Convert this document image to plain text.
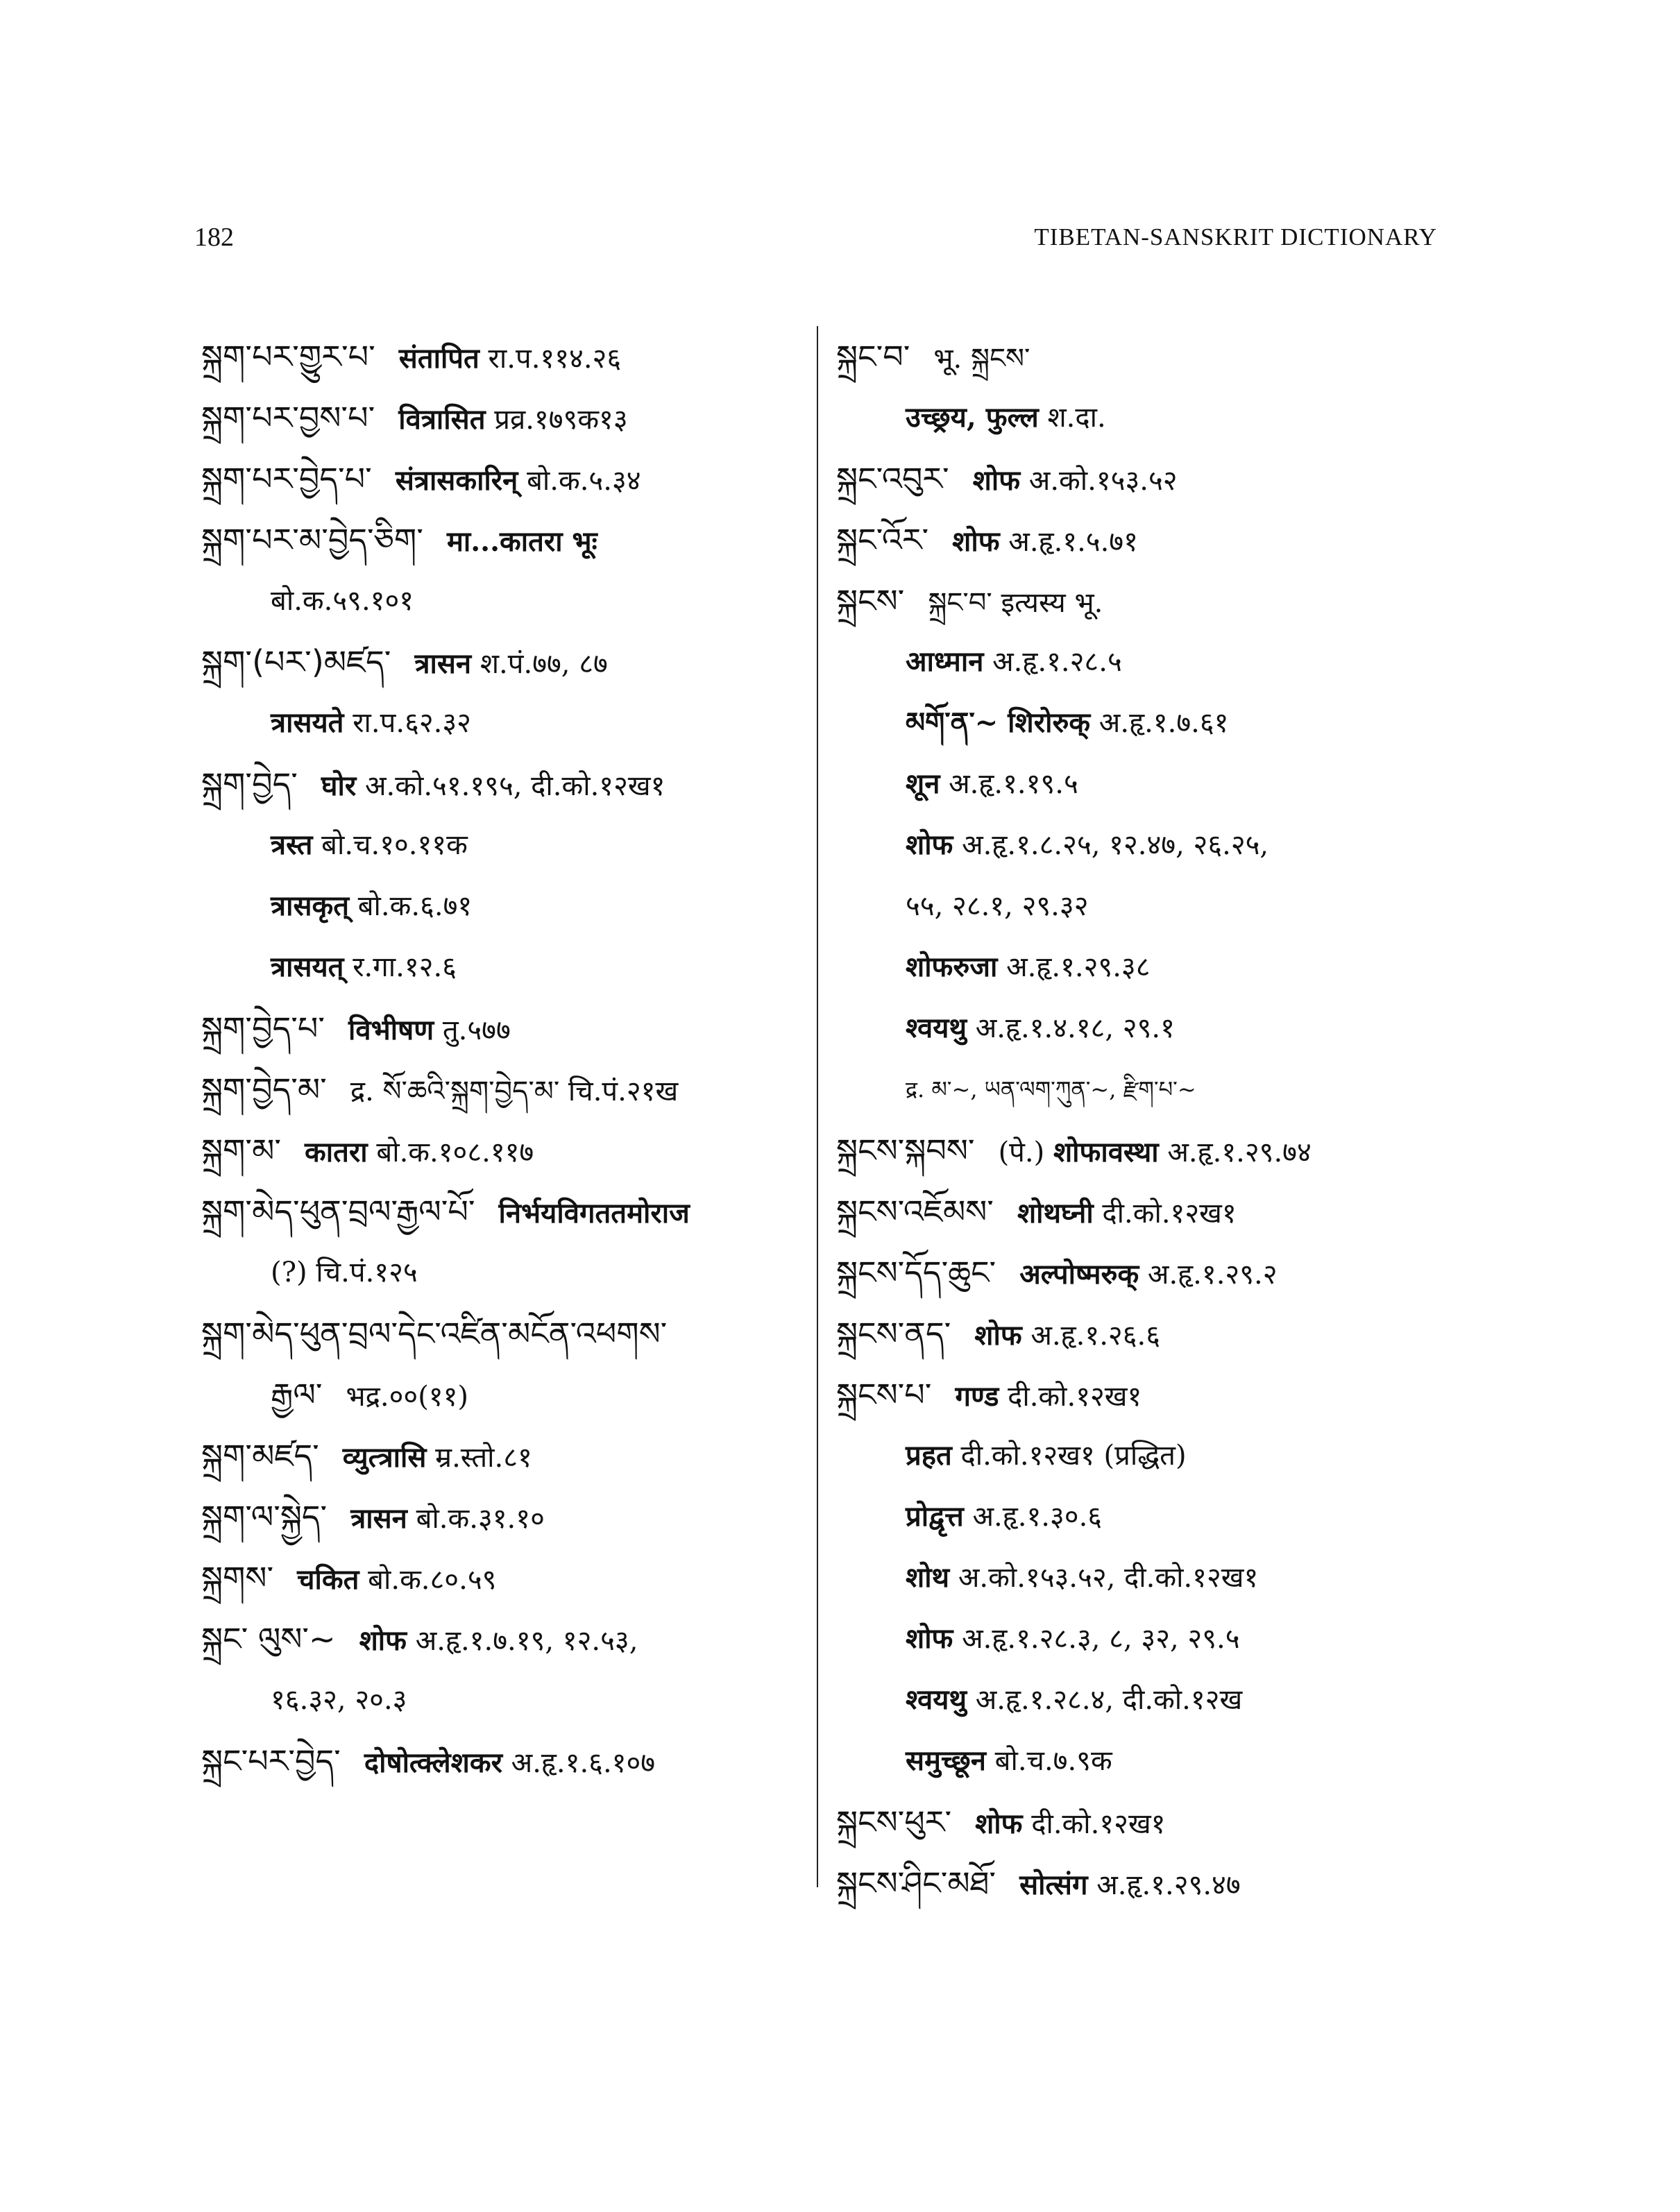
182	TIBETAN-SANSKRIT DICTIONARY
སྐྲག་པར་གྱུར་པ་ संतापित रा.प.११४.२६
སྐྲག་པར་བྱས་པ་ वित्रासित प्रव्र.१७९क१३
སྐྲག་པར་བྱེད་པ་ संत्रासकारिन् बो.क.५.३४
སྐྲག་པར་མ་བྱེད་ཅིག་ मा...कातरा भूः
बो.क.५९.१०१
སྐྲག་(པར་)མཛད་ त्रासन श.पं.७७, ८७
त्रासयते रा.प.६२.३२
སྐྲག་བྱེད་ घोर अ.को.५१.१९५, दी.को.१२ख१
त्रस्त बो.च.१०.११क
त्रासकृत् बो.क.६.७१
त्रासयत् र.गा.१२.६
སྐྲག་བྱེད་པ་ विभीषण तु.५७७
སྐྲག་བྱེད་མ་ द्र. སོ་ཆའི་སྐྲག་བྱེད་མ་ चि.पं.२१ख
སྐྲག་མ་ कातरा बो.क.१०८.११७
སྐྲག་མེད་ཕུན་བྲལ་རྒྱལ་པོ་ निर्भयविगततमोराज
(?) चि.पं.१२५
སྐྲག་མེད་ཕུན་བྲལ་དེང་འཛིན་མངོན་འཕགས་
རྒྱལ་ भद्र.००(११)
སྐྲག་མཛད་ व्युत्त्रासि म्र.स्तो.८१
སྐྲག་ལ་སྐྱེད་ त्रासन बो.क.३१.१०
སྐྲགས་ चकित बो.क.८०.५९
སྐྲང་ ལུས་~ शोफ अ.हृ.१.७.१९, १२.५३,
१६.३२, २०.३
སྐྲང་པར་བྱེད་ दोषोत्क्लेशकर अ.हृ.१.६.१०७
སྐྲང་བ་ भू. སྐྲངས་
उच्छ्रय, फुल्ल श.दा.
སྐྲང་འབུར་ शोफ अ.को.१५३.५२
སྐྲང་འོར་ शोफ अ.हृ.१.५.७१
སྐྲངས་ སྐྲང་བ་ इत्यस्य भू.
आध्मान अ.हृ.१.२८.५
མགོ་ན་~ शिरोरुक् अ.हृ.१.७.६१
शून अ.हृ.१.१९.५
शोफ अ.हृ.१.८.२५, १२.४७, २६.२५,
५५, २८.१, २९.३२
शोफरुजा अ.हृ.१.२९.३८
श्वयथु अ.हृ.१.४.१८, २९.१
द्र. མ་~, ཡན་ལག་ཀུན་~, རྫིག་པ་~
སྐྲངས་སྐབས་ (पे.) शोफावस्था अ.हृ.१.२९.७४
སྐྲངས་འཇོམས་ शोथघ्नी दी.को.१२ख१
སྐྲངས་དོད་ཆུང་ अल्पोष्मरुक् अ.हृ.१.२९.२
སྐྲངས་ནད་ शोफ अ.हृ.१.२६.६
སྐྲངས་པ་ गण्ड दी.को.१२ख१
प्रहत दी.को.१२ख१ (प्रद्धित)
प्रोद्वृत्त अ.हृ.१.३०.६
शोथ अ.को.१५३.५२, दी.को.१२ख१
शोफ अ.हृ.१.२८.३, ८, ३२, २९.५
श्वयथु अ.हृ.१.२८.४, दी.को.१२ख
समुच्छून बो.च.७.९क
སྐྲངས་ཕུར་ शोफ दी.को.१२ख१
སྐྲངས་ཤིང་མཐོ་ सोत्संग अ.हृ.१.२९.४७
